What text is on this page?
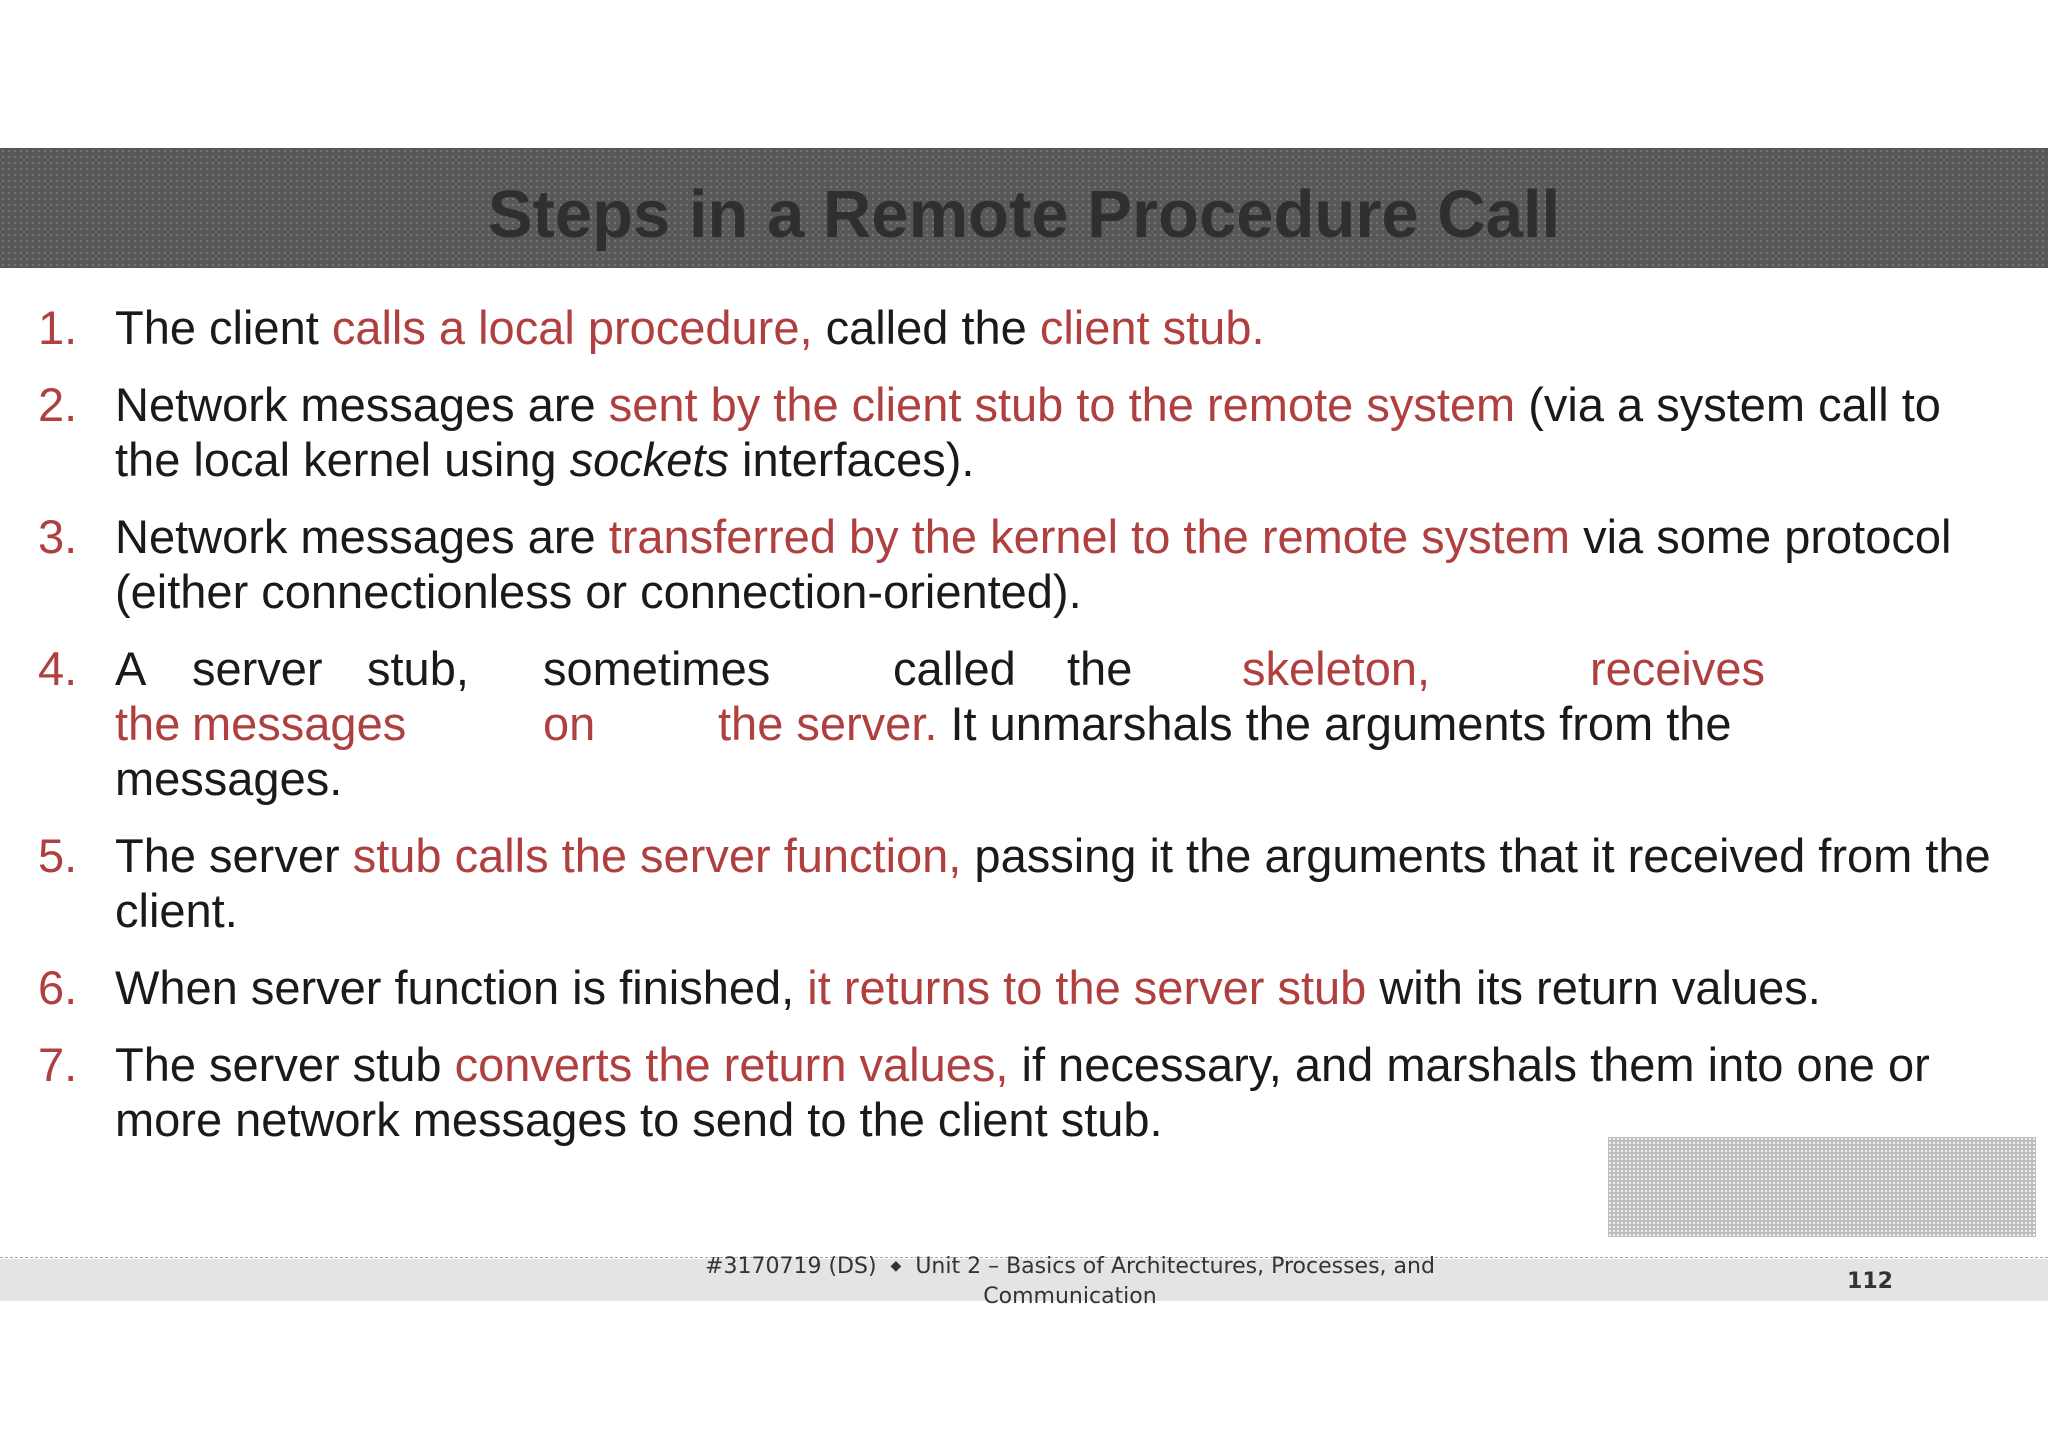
Steps in a Remote Procedure Call
1. The client calls a local procedure, called the client stub.
2. Network messages are sent by the client stub to the remote system (via a system call to the local kernel using sockets interfaces).
3. Network messages are transferred by the kernel to the remote system via some protocol (either connectionless or connection-oriented).
4. A server stub,	sometimes	called	the	skeleton,	receives
the messages	on	the server. It unmarshals the arguments from the
messages.
5. The server stub calls the server function, passing it the arguments that it received from the client.
6. When server function is finished, it returns to the server stub with its return values.
7. The server stub converts the return values, if necessary, and marshals them into one or more network messages to send to the client stub.
#3170719 (DS) ◆ Unit 2 – Basics of Architectures, Processes, and
Communication
112
